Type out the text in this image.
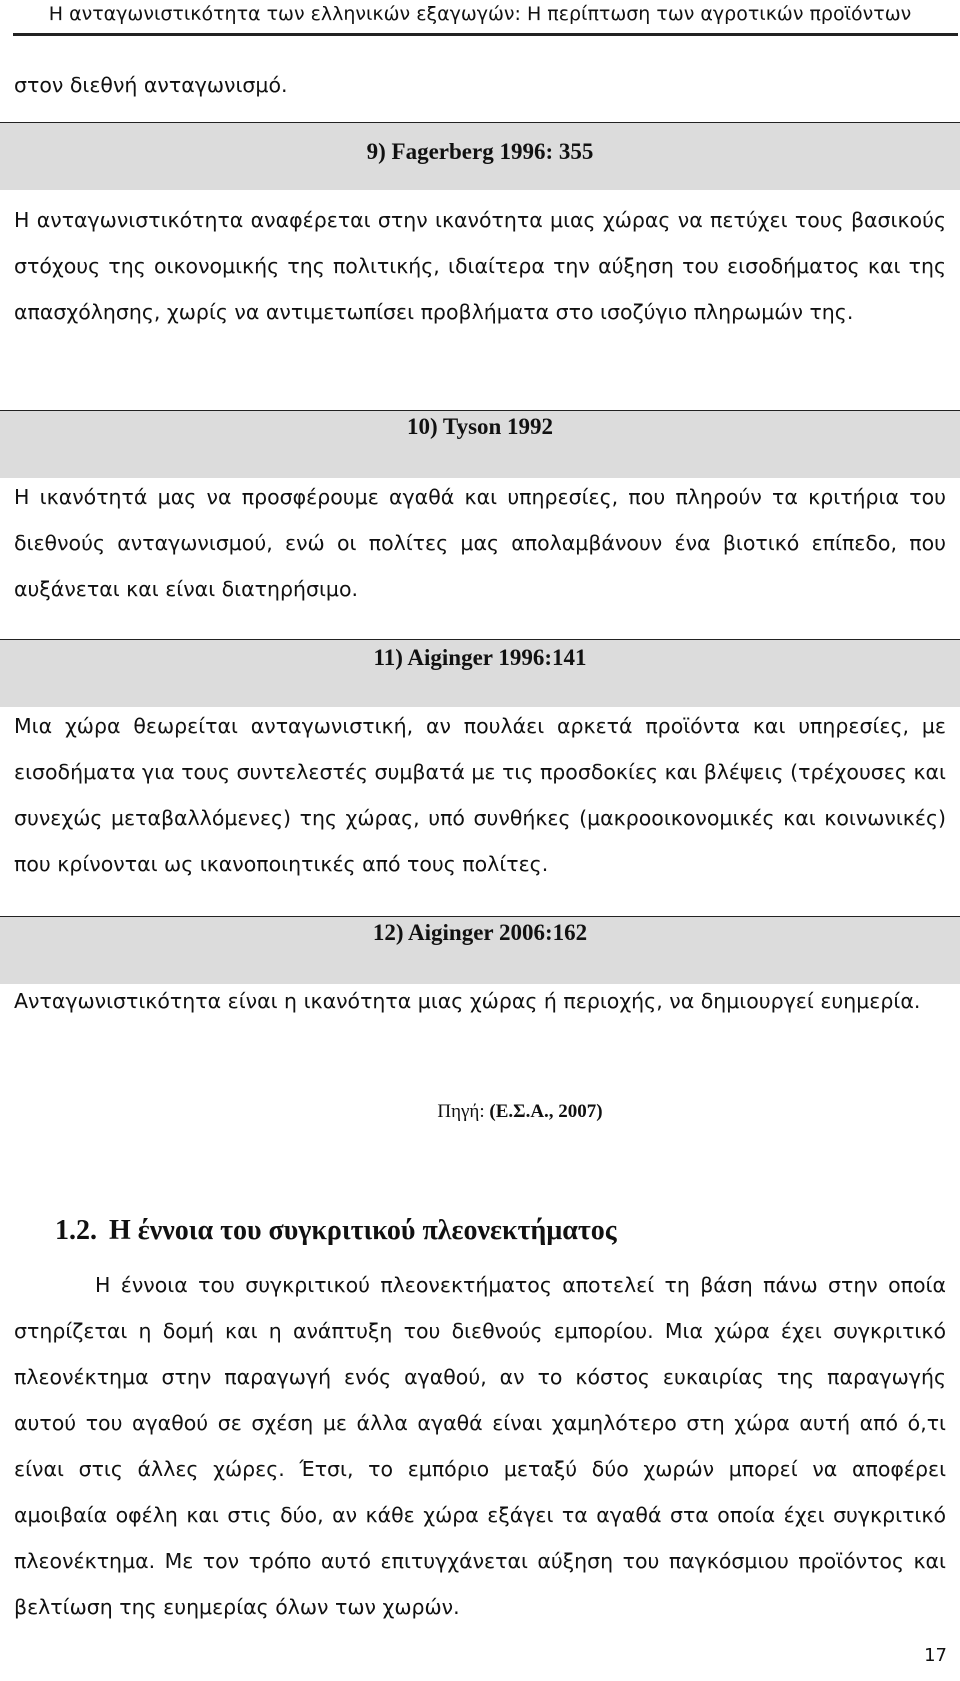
Η ανταγωνιστικότητα των ελληνικών εξαγωγών: Η περίπτωση των αγροτικών προϊόντων
στον διεθνή ανταγωνισμό.
9) Fagerberg 1996: 355
Η ανταγωνιστικότητα αναφέρεται στην ικανότητα μιας χώρας να πετύχει τους βασικούς στόχους της οικονομικής της πολιτικής, ιδιαίτερα την αύξηση του εισοδήματος και της απασχόλησης, χωρίς να αντιμετωπίσει προβλήματα στο ισοζύγιο πληρωμών της.
10) Tyson 1992
Η ικανότητά μας να προσφέρουμε αγαθά και υπηρεσίες, που πληρούν τα κριτήρια του διεθνούς ανταγωνισμού, ενώ οι πολίτες μας απολαμβάνουν ένα βιοτικό επίπεδο, που αυξάνεται και είναι διατηρήσιμο.
11) Aiginger 1996:141
Μια χώρα θεωρείται ανταγωνιστική, αν πουλάει αρκετά προϊόντα και υπηρεσίες, με εισοδήματα για τους συντελεστές συμβατά με τις προσδοκίες και βλέψεις (τρέχουσες και συνεχώς μεταβαλλόμενες) της χώρας, υπό συνθήκες (μακροοικονομικές και κοινωνικές) που κρίνονται ως ικανοποιητικές από τους πολίτες.
12) Aiginger 2006:162
Ανταγωνιστικότητα είναι η ικανότητα μιας χώρας ή περιοχής, να δημιουργεί ευημερία.
Πηγή: (Ε.Σ.Α., 2007)
1.2. Η έννοια του συγκριτικού πλεονεκτήματος
Η έννοια του συγκριτικού πλεονεκτήματος αποτελεί τη βάση πάνω στην οποία στηρίζεται η δομή και η ανάπτυξη του διεθνούς εμπορίου. Μια χώρα έχει συγκριτικό πλεονέκτημα στην παραγωγή ενός αγαθού, αν το κόστος ευκαιρίας της παραγωγής αυτού του αγαθού σε σχέση με άλλα αγαθά είναι χαμηλότερο στη χώρα αυτή από ό,τι είναι στις άλλες χώρες. Έτσι, το εμπόριο μεταξύ δύο χωρών μπορεί να αποφέρει αμοιβαία οφέλη και στις δύο, αν κάθε χώρα εξάγει τα αγαθά στα οποία έχει συγκριτικό πλεονέκτημα. Με τον τρόπο αυτό επιτυγχάνεται αύξηση του παγκόσμιου προϊόντος και βελτίωση της ευημερίας όλων των χωρών.
17
